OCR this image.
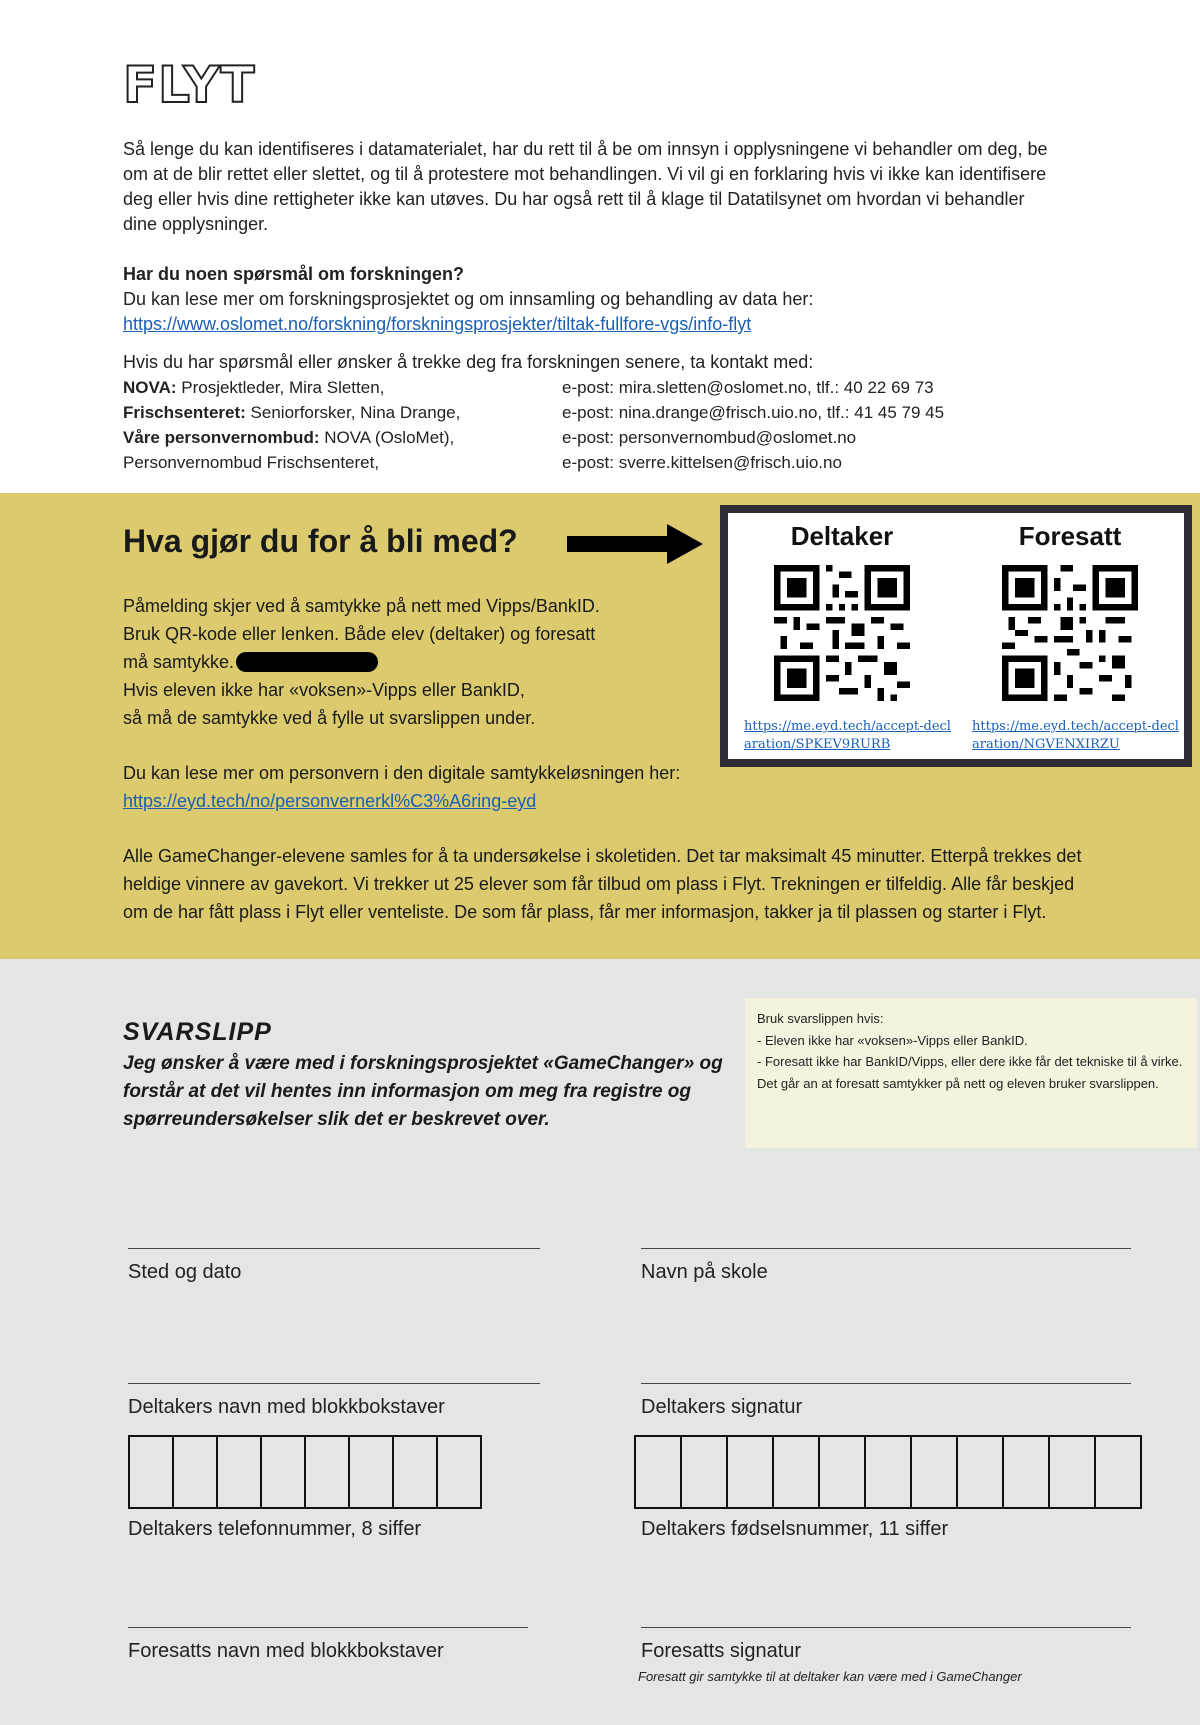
FLYT

Så lenge du kan identifiseres i datamaterialet, har du rett til å be om innsyn i opplysningene vi behandler om deg, be om at de blir rettet eller slettet, og til å protestere mot behandlingen. Vi vil gi en forklaring hvis vi ikke kan identifisere deg eller hvis dine rettigheter ikke kan utøves. Du har også rett til å klage til Datatilsynet om hvordan vi behandler dine opplysninger.

Har du noen spørsmål om forskningen?
Du kan lese mer om forskningsprosjektet og om innsamling og behandling av data her:
https://www.oslomet.no/forskning/forskningsprosjekter/tiltak-fullfore-vgs/info-flyt
Hvis du har spørsmål eller ønsker å trekke deg fra forskningen senere, ta kontakt med:
NOVA: Prosjektleder, Mira Sletten,	e-post: mira.sletten@oslomet.no, tlf.: 40 22 69 73
Frischsenteret: Seniorforsker, Nina Drange,	e-post: nina.drange@frisch.uio.no, tlf.: 41 45 79 45
Våre personvernombud: NOVA (OsloMet),	e-post: personvernombud@oslomet.no
Personvernombud Frischsenteret,	e-post: sverre.kittelsen@frisch.uio.no
Hva gjør du for å bli med?
Påmelding skjer ved å samtykke på nett med Vipps/BankID.
Bruk QR-kode eller lenken. Både elev (deltaker) og foresatt
må samtykke.
Hvis eleven ikke har «voksen»-Vipps eller BankID,
så må de samtykke ved å fylle ut svarslippen under.
Du kan lese mer om personvern i den digitale samtykkeløsningen her:
https://eyd.tech/no/personvernerkl%C3%A6ring-eyd

Alle GameChanger-elevene samles for å ta undersøkelse i skoletiden. Det tar maksimalt 45 minutter. Etterpå trekkes det heldige vinnere av gavekort. Vi trekker ut 25 elever som får tilbud om plass i Flyt. Trekningen er tilfeldig. Alle får beskjed om de har fått plass i Flyt eller venteliste. De som får plass, får mer informasjon, takker ja til plassen og starter i Flyt.

Deltaker
https://me.eyd.tech/accept-declaration/SPKEV9RURB
Foresatt
https://me.eyd.tech/accept-declaration/NGVENXIRZU
SVARSLIPP

Jeg ønsker å være med i forskningsprosjektet «GameChanger» og forstår at det vil hentes inn informasjon om meg fra registre og spørreundersøkelser slik det er beskrevet over.

Bruk svarslippen hvis:
- Eleven ikke har «voksen»-Vipps eller BankID.
- Foresatt ikke har BankID/Vipps, eller dere ikke får det tekniske til å virke.
Det går an at foresatt samtykker på nett og eleven bruker svarslippen.
Sted og dato	Navn på skole
Deltakers navn med blokkbokstaver	Deltakers signatur
Deltakers telefonnummer, 8 siffer	Deltakers fødselsnummer, 11 siffer
Foresatts navn med blokkbokstaver	Foresatts signatur
Foresatt gir samtykke til at deltaker kan være med i GameChanger
